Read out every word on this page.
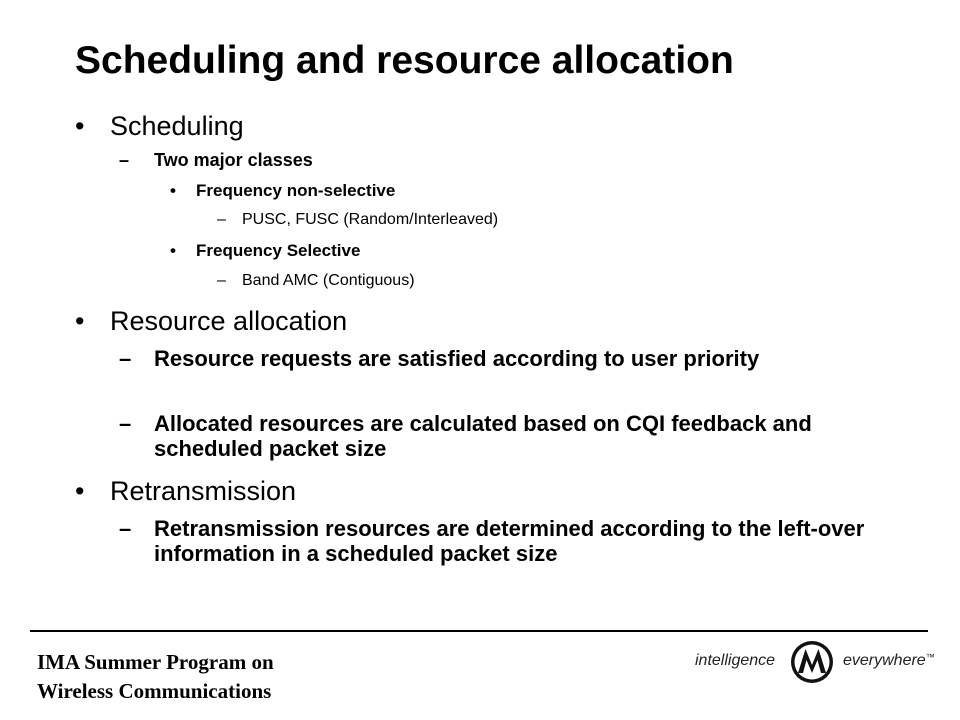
Scheduling and resource allocation
• Scheduling
– Two major classes
• Frequency non-selective
– PUSC, FUSC (Random/Interleaved)
• Frequency Selective
– Band AMC (Contiguous)
• Resource allocation
– Resource requests are satisfied according to user priority
– Allocated resources are calculated based on CQI feedback and scheduled packet size
• Retransmission
– Retransmission resources are determined according to the left-over information in a scheduled packet size
IMA Summer Program on
Wireless Communications
intelligence	everywhere™
